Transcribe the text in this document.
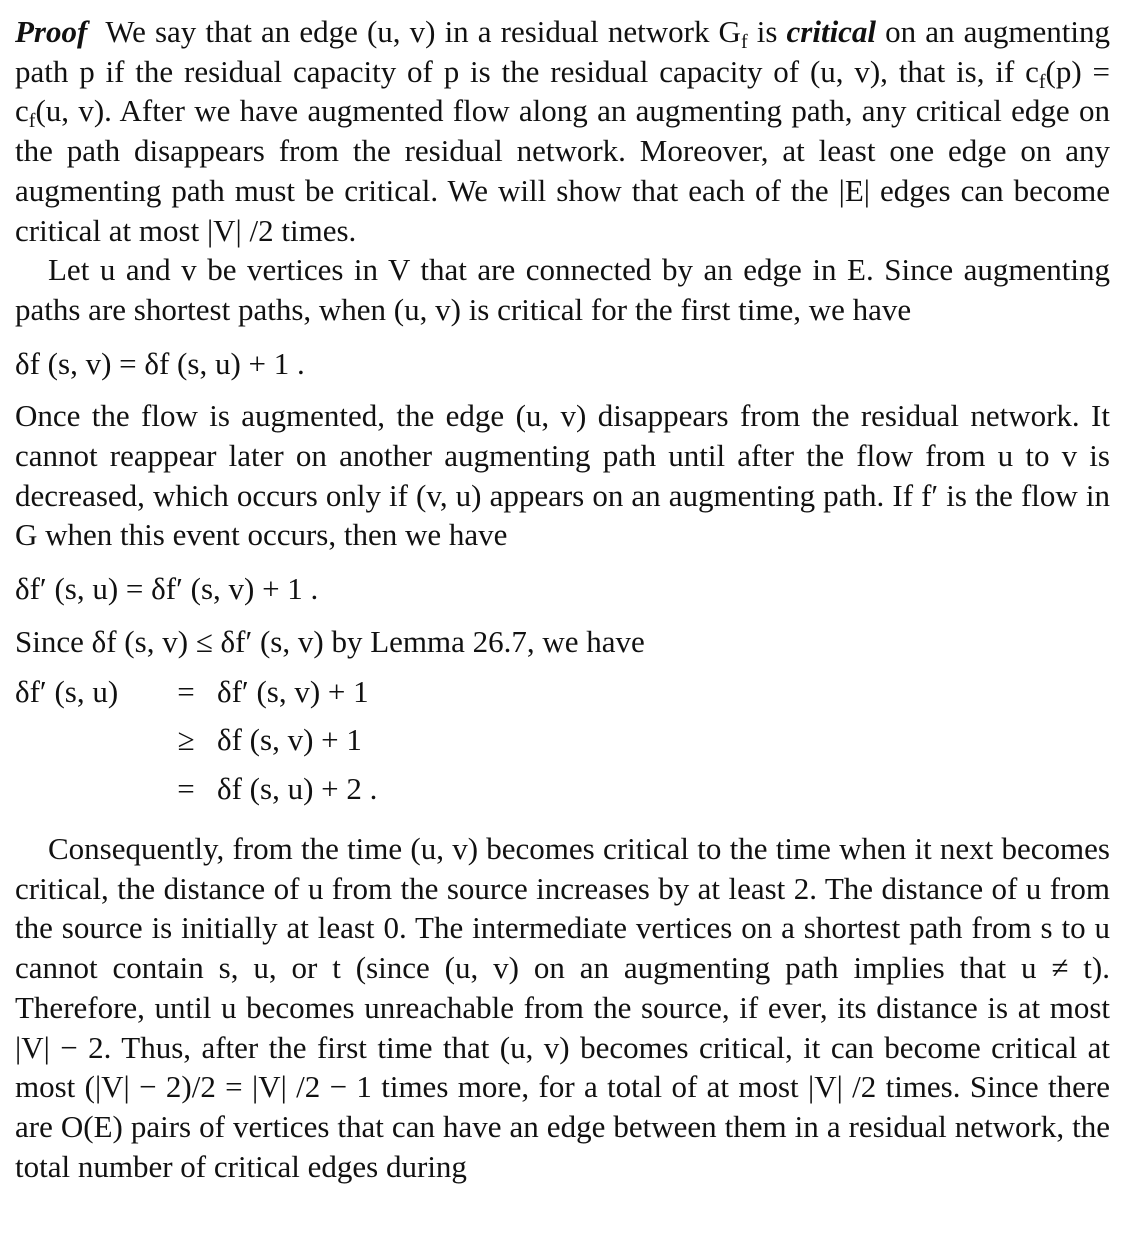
Proof We say that an edge (u, v) in a residual network $G_f$ is critical on an augmenting path p if the residual capacity of p is the residual capacity of (u, v), that is, if $c_f(p) = c_f(u$, v). After we have augmented flow along an augmenting path, any critical edge on the path disappears from the residual network. Moreover, at least one edge on any augmenting path must be critical. We will show that each of the |E| edges can become critical at most |V| /2 times.

Let u and v be vertices in V that are connected by an edge in E. Since augmenting paths are shortest paths, when (u, v) is critical for the first time, we have

δf (s, v) = δf (s, u) + 1 .

Once the flow is augmented, the edge (u, v) disappears from the residual network. It cannot reappear later on another augmenting path until after the flow from u to v is decreased, which occurs only if (v, u) appears on an augmenting path. If f′ is the flow in G when this event occurs, then we have

δf′ (s, u) = δf′ (s, v) + 1 .

Since δf (s, v) ≤ δf′ (s, v) by Lemma 26.7, we have

δf′ (s, u)	=	δf′ (s, v) + 1
	≥	δf (s, v) + 1
	=	δf (s, u) + 2 .

Consequently, from the time (u, v) becomes critical to the time when it next becomes critical, the distance of u from the source increases by at least 2. The distance of u from the source is initially at least 0. The intermediate vertices on a shortest path from s to u cannot contain s, u, or t (since (u, v) on an augmenting path implies that u ≠ t). Therefore, until u becomes unreachable from the source, if ever, its distance is at most |V| − 2. Thus, after the first time that (u, v) becomes critical, it can become critical at most (|V| − 2)/2 = |V| /2 − 1 times more, for a total of at most |V| /2 times. Since there are O(E) pairs of vertices that can have an edge between them in a residual network, the total number of critical edges during
